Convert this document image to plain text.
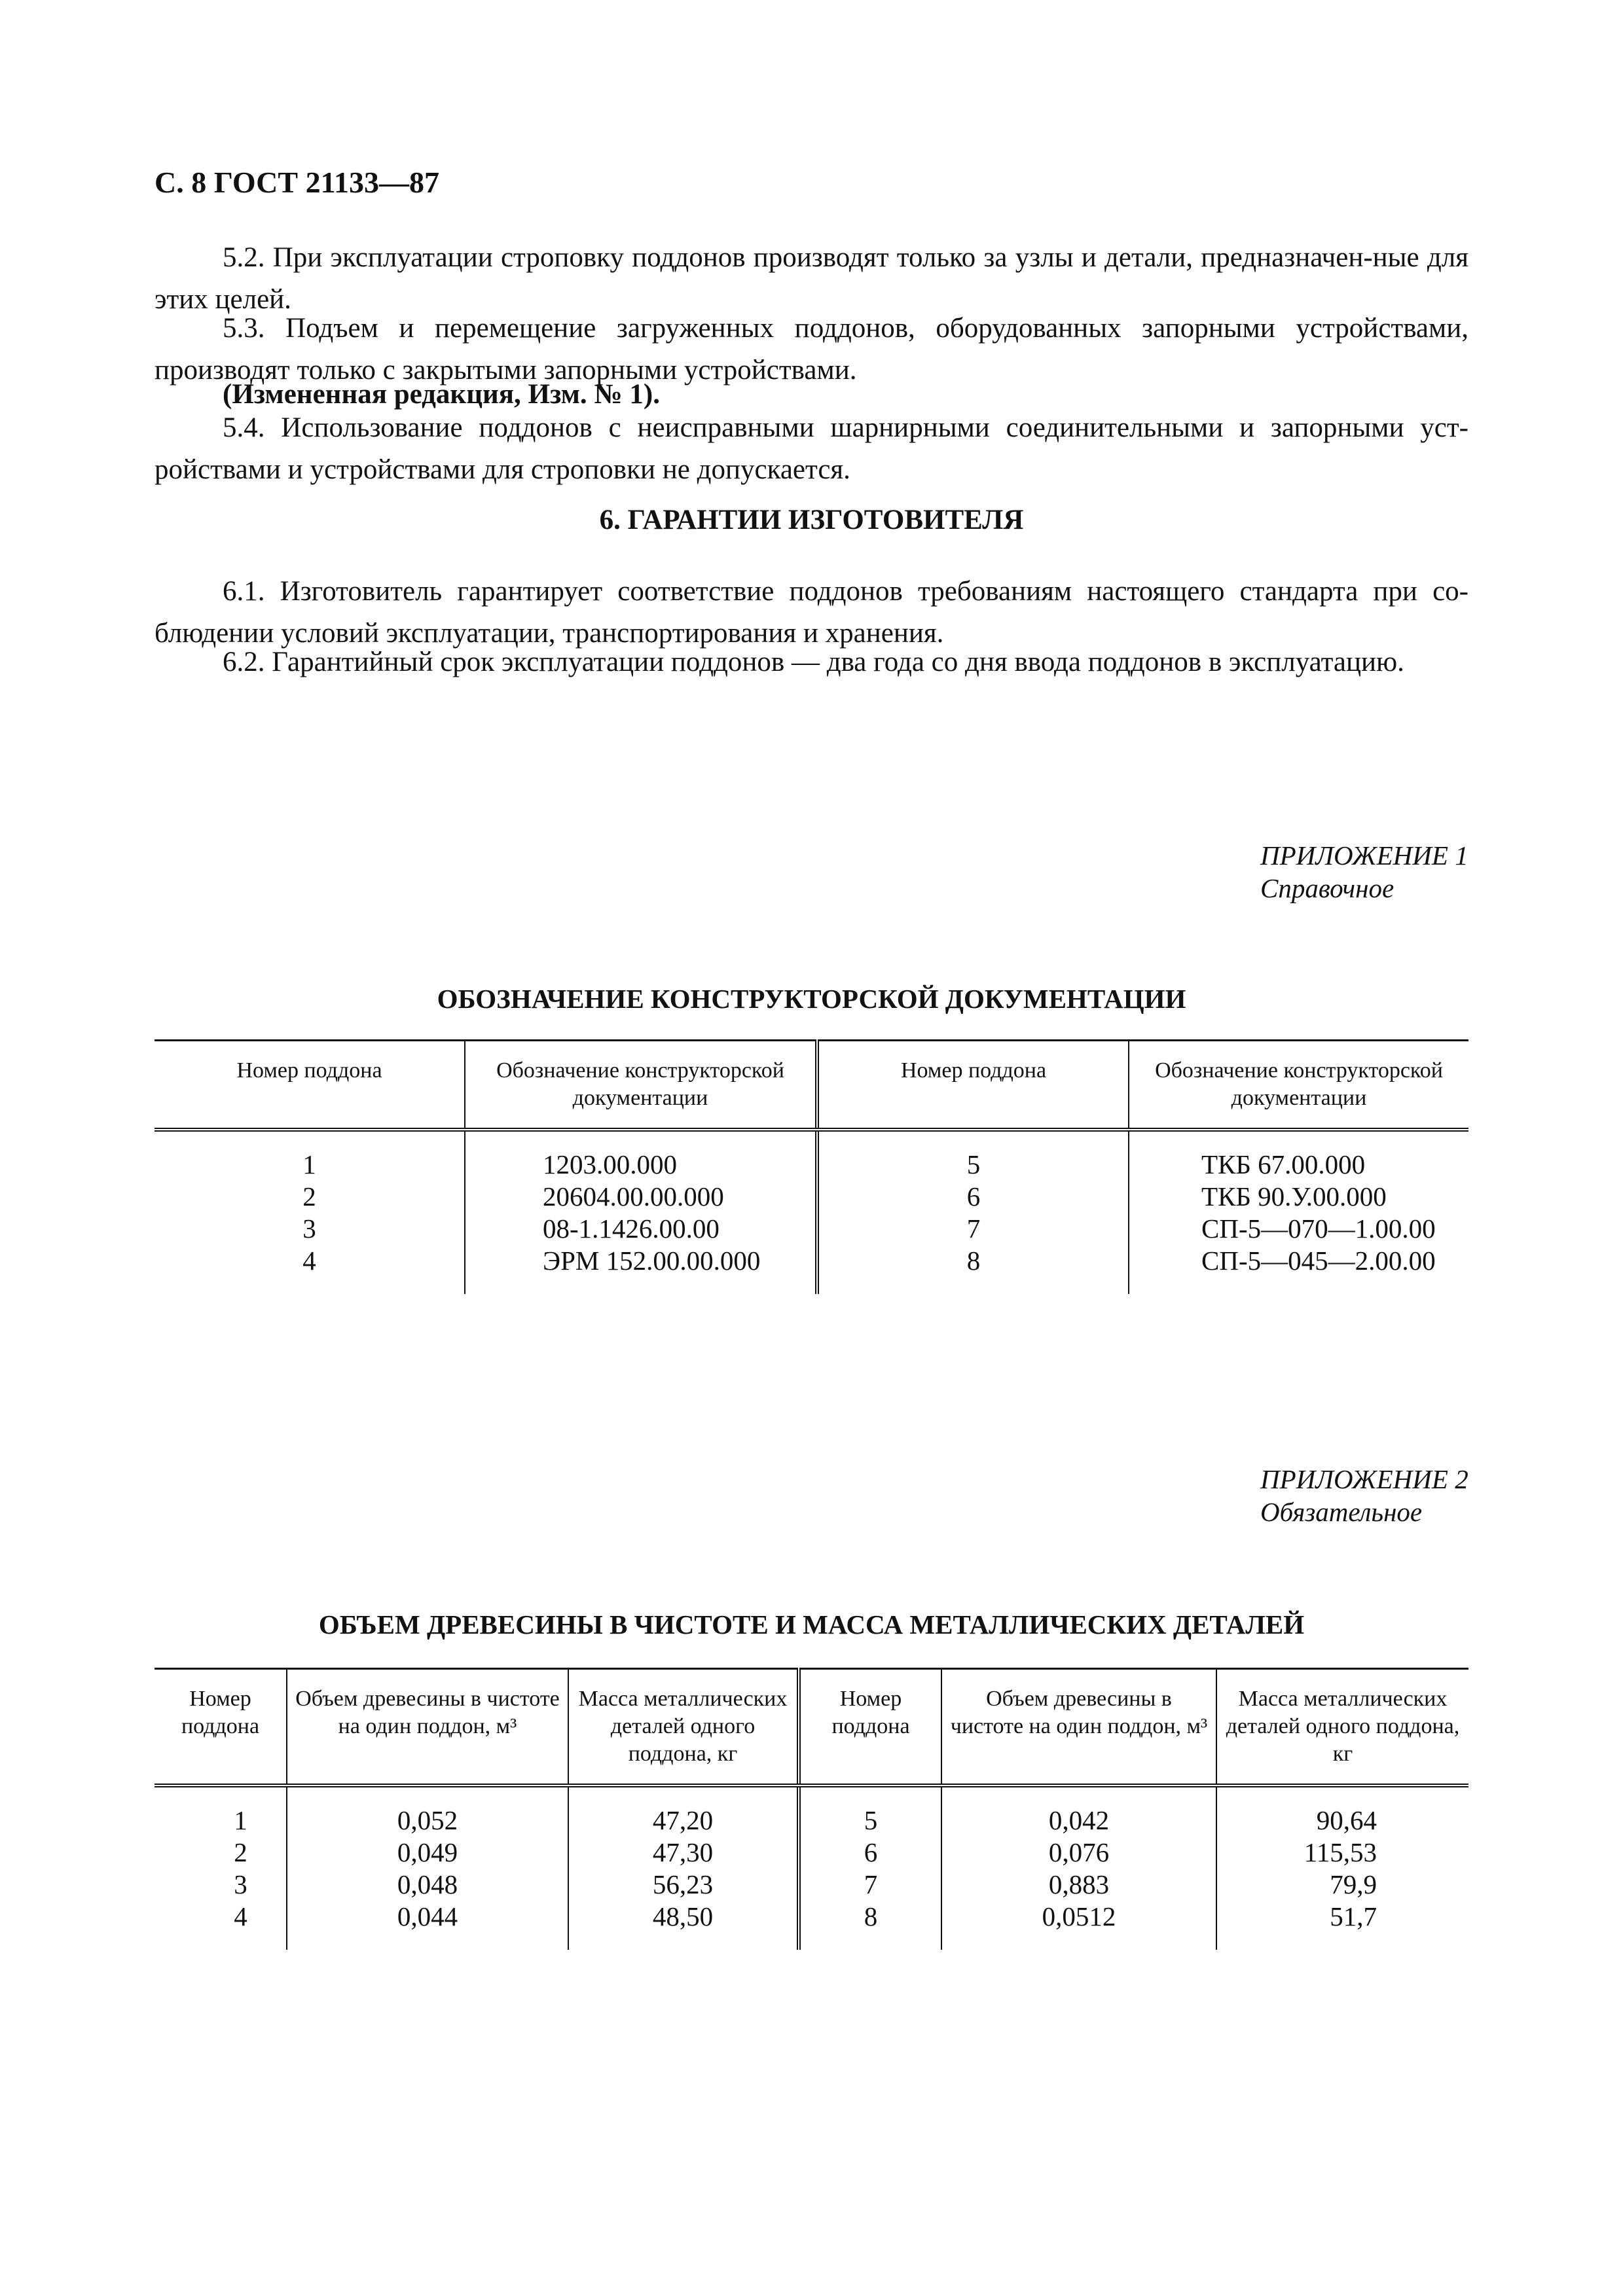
С. 8 ГОСТ 21133—87
5.2. При эксплуатации строповку поддонов производят только за узлы и детали, предназначен-ные для этих целей.
5.3. Подъем и перемещение загруженных поддонов, оборудованных запорными устройствами, производят только с закрытыми запорными устройствами.
(Измененная редакция, Изм. № 1).
5.4. Использование поддонов с неисправными шарнирными соединительными и запорными уст-ройствами и устройствами для строповки не допускается.
6. ГАРАНТИИ ИЗГОТОВИТЕЛЯ
6.1. Изготовитель гарантирует соответствие поддонов требованиям настоящего стандарта при со-блюдении условий эксплуатации, транспортирования и хранения.
6.2. Гарантийный срок эксплуатации поддонов — два года со дня ввода поддонов в эксплуатацию.
ПРИЛОЖЕНИЕ 1
Справочное
ОБОЗНАЧЕНИЕ КОНСТРУКТОРСКОЙ ДОКУМЕНТАЦИИ
Номер поддона	Обозначение конструкторской документации	Номер поддона	Обозначение конструкторской документации
1	1203.00.000	5	ТКБ 67.00.000
2	20604.00.00.000	6	ТКБ 90.У.00.000
3	08-1.1426.00.00	7	СП-5—070—1.00.00
4	ЭРМ 152.00.00.000	8	СП-5—045—2.00.00
ПРИЛОЖЕНИЕ 2
Обязательное
ОБЪЕМ ДРЕВЕСИНЫ В ЧИСТОТЕ И МАССА МЕТАЛЛИЧЕСКИХ ДЕТАЛЕЙ
Номер поддона	Объем древесины в чистоте на один поддон, м³	Масса металлических деталей одного поддона, кг	Номер поддона	Объем древесины в чистоте на один поддон, м³	Масса металлических деталей одного поддона, кг
1	0,052	47,20	5	0,042	90,64
2	0,049	47,30	6	0,076	115,53
3	0,048	56,23	7	0,883	79,9
4	0,044	48,50	8	0,0512	51,7
